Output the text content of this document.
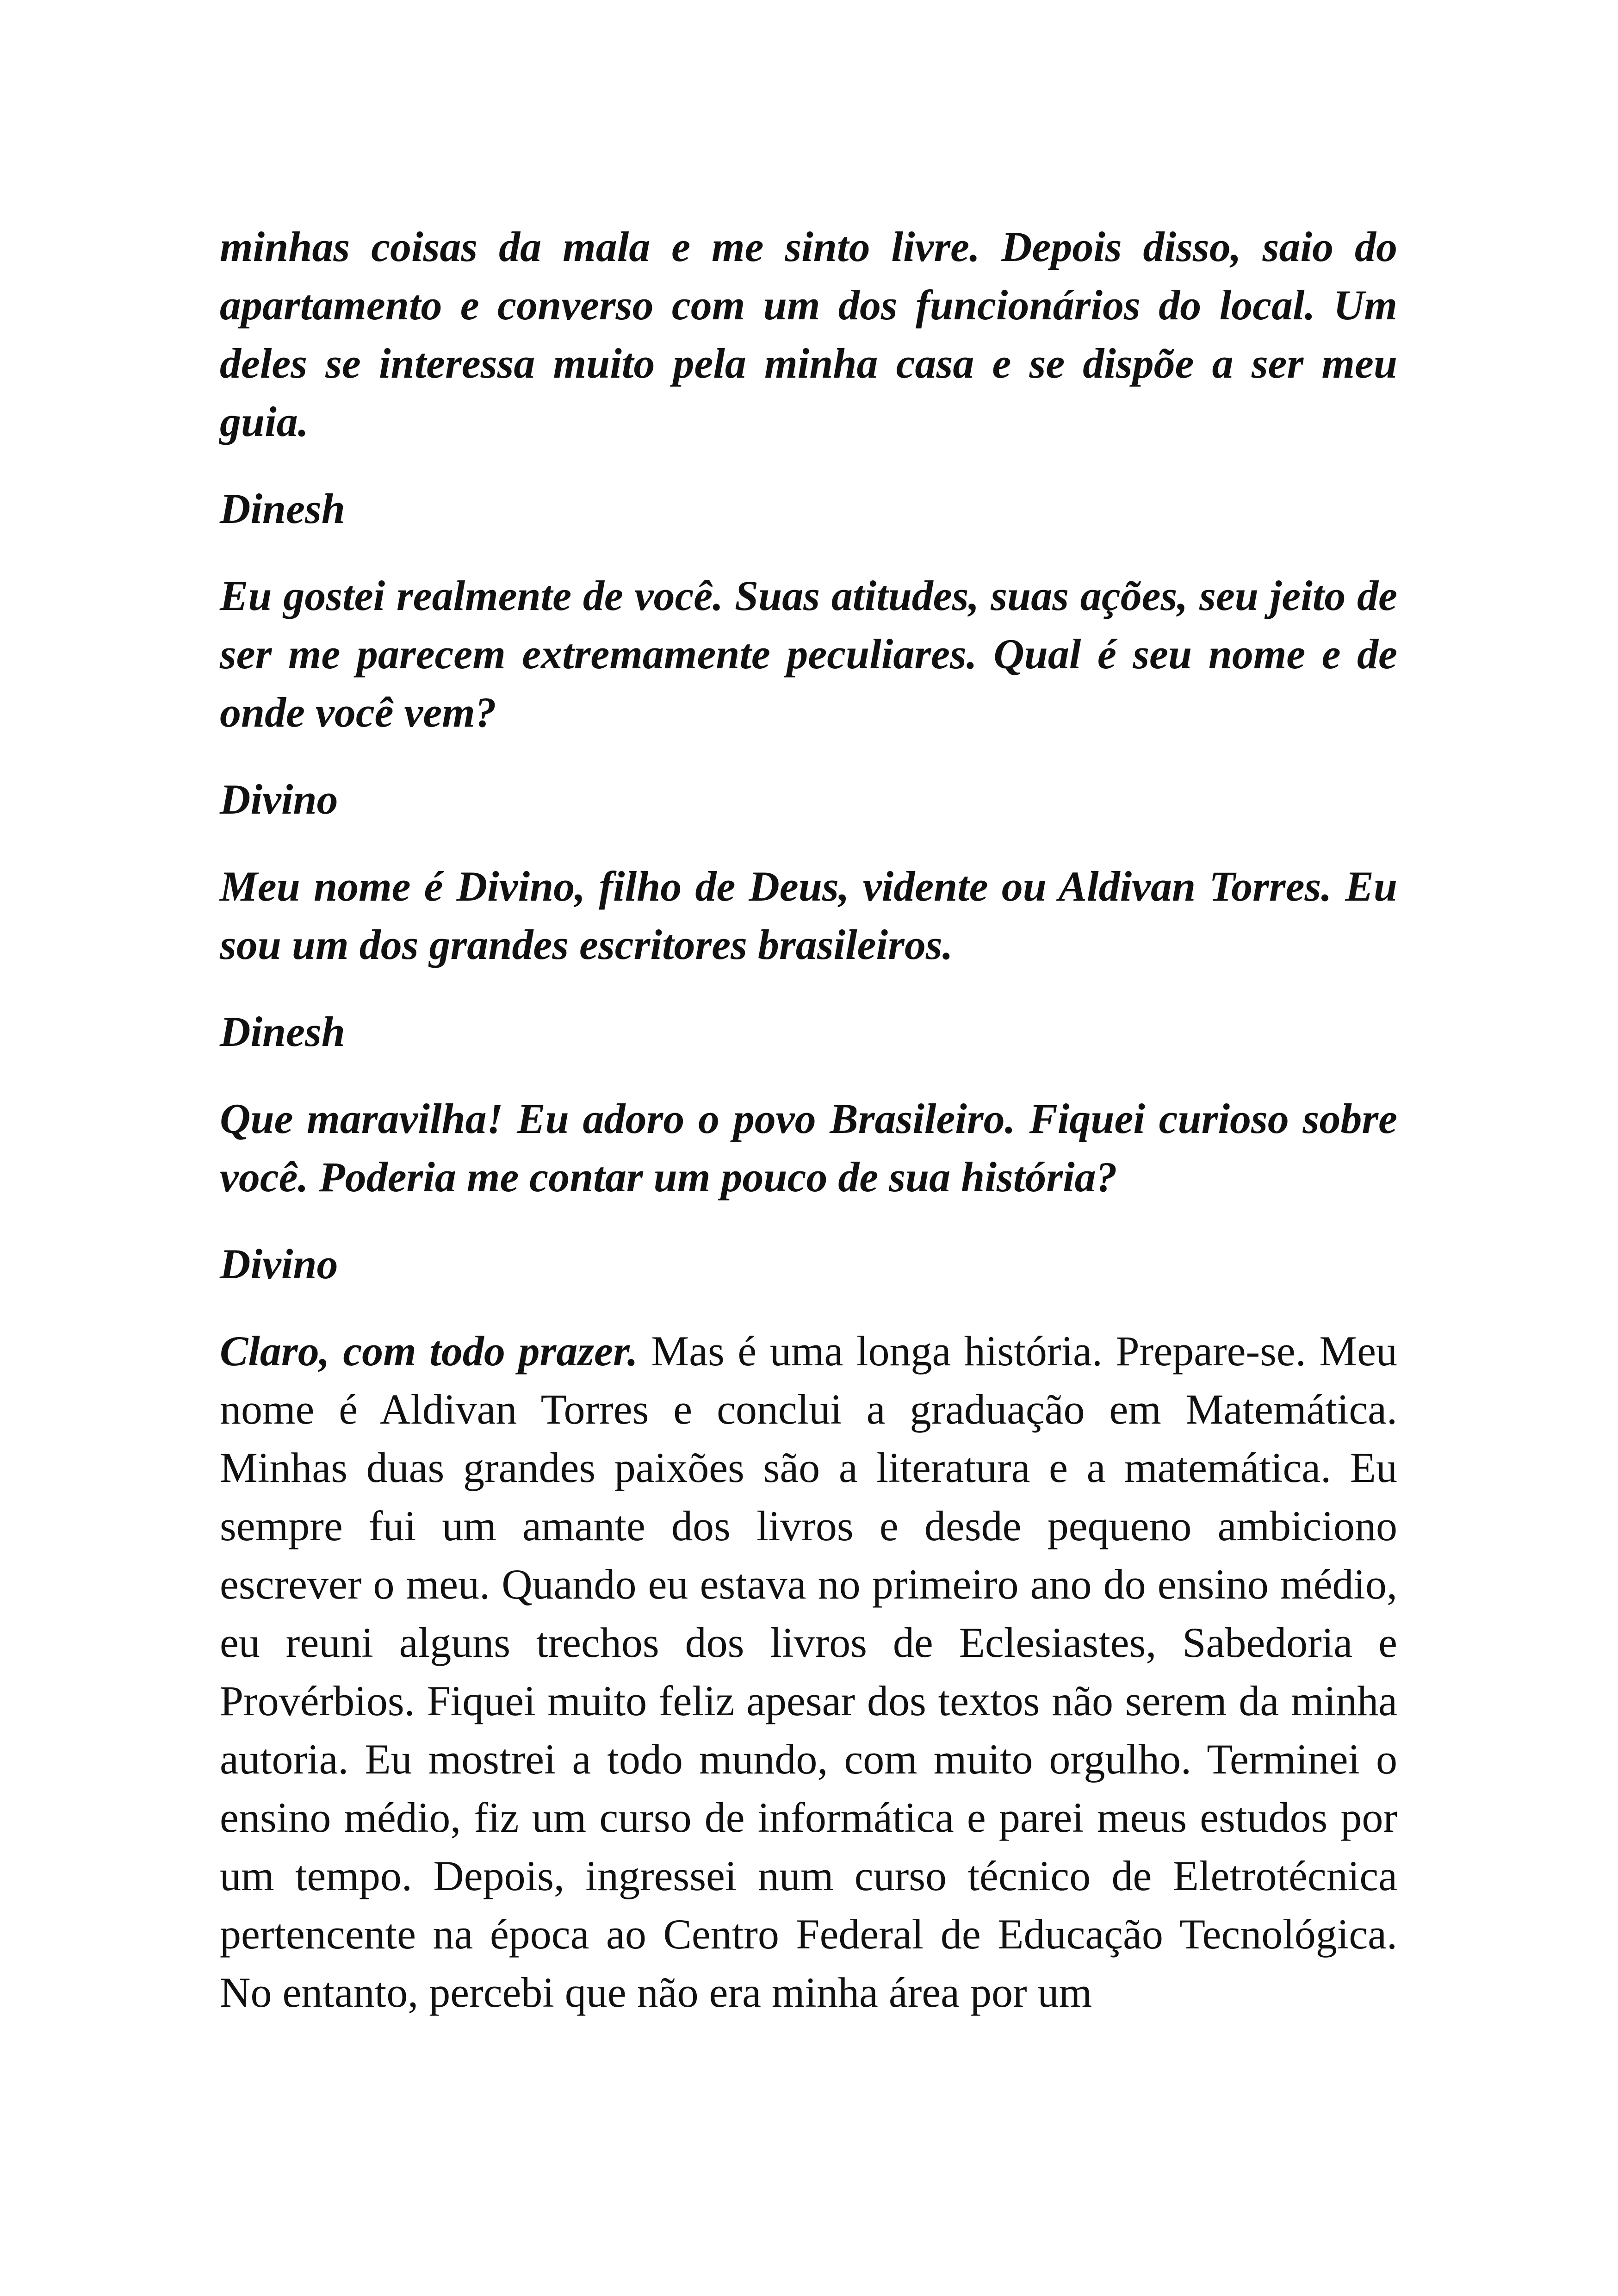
minhas coisas da mala e me sinto livre. Depois disso, saio do apartamento e converso com um dos funcionários do local. Um deles se interessa muito pela minha casa e se dispõe a ser meu guia.

Dinesh

Eu gostei realmente de você. Suas atitudes, suas ações, seu jeito de ser me parecem extremamente peculiares. Qual é seu nome e de onde você vem?

Divino

Meu nome é Divino, filho de Deus, vidente ou Aldivan Torres. Eu sou um dos grandes escritores brasileiros.

Dinesh

Que maravilha! Eu adoro o povo Brasileiro. Fiquei curioso sobre você. Poderia me contar um pouco de sua história?

Divino

Claro, com todo prazer. Mas é uma longa história. Prepare-se. Meu nome é Aldivan Torres e conclui a graduação em Matemática. Minhas duas grandes paixões são a literatura e a matemática. Eu sempre fui um amante dos livros e desde pequeno ambiciono escrever o meu. Quando eu estava no primeiro ano do ensino médio, eu reuni alguns trechos dos livros de Eclesiastes, Sabedoria e Provérbios. Fiquei muito feliz apesar dos textos não serem da minha autoria. Eu mostrei a todo mundo, com muito orgulho. Terminei o ensino médio, fiz um curso de informática e parei meus estudos por um tempo. Depois, ingressei num curso técnico de Eletrotécnica pertencente na época ao Centro Federal de Educação Tecnológica. No entanto, percebi que não era minha área por um
